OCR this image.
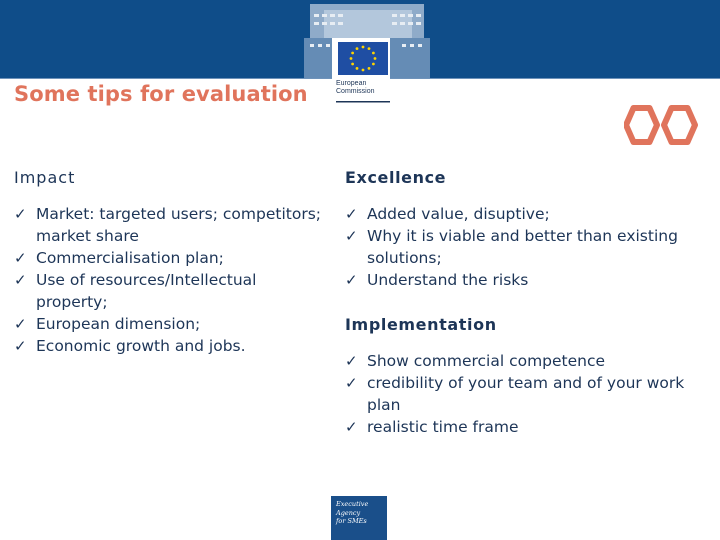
European
Commission
Some tips for evaluation
Impact
✓ Market: targeted users; competitors; market share
✓ Commercialisation plan;
✓ Use of resources/Intellectual property;
✓ European dimension;
✓ Economic growth and jobs.
Excellence
✓ Added value, disuptive;
✓ Why it is viable and better than existing solutions;
✓ Understand the risks
Implementation
✓ Show commercial competence
✓ credibility of your team and of your work plan
✓ realistic time frame
Executive
Agency
for SMEs
